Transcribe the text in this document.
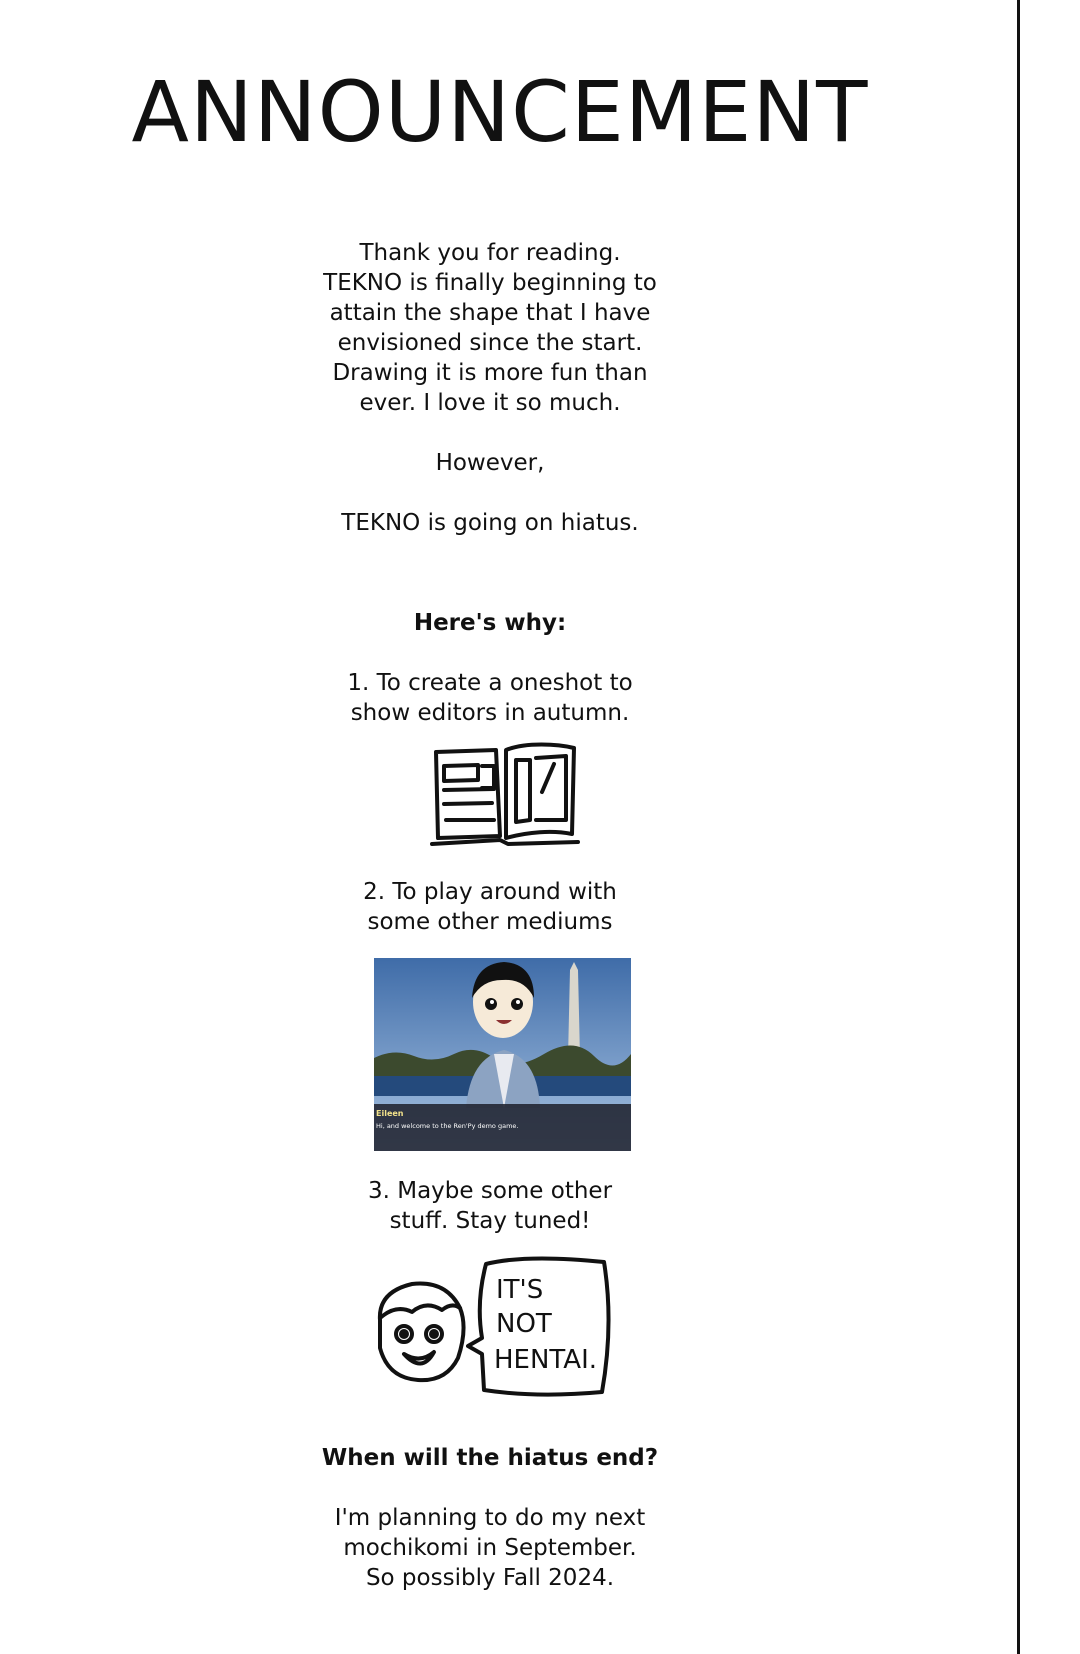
ANNOUNCEMENT
Thank you for reading.
TEKNO is finally beginning to
attain the shape that I have
envisioned since the start.
Drawing it is more fun than
ever. I love it so much.
However,
TEKNO is going on hiatus.
Here's why:
1. To create a oneshot to
show editors in autumn.
2. To play around with
some other mediums
Eileen
Hi, and welcome to the Ren'Py demo game.
3. Maybe some other
stuff. Stay tuned!
IT'S
NOT
HENTAI.
When will the hiatus end?
I'm planning to do my next
mochikomi in September.
So possibly Fall 2024.
